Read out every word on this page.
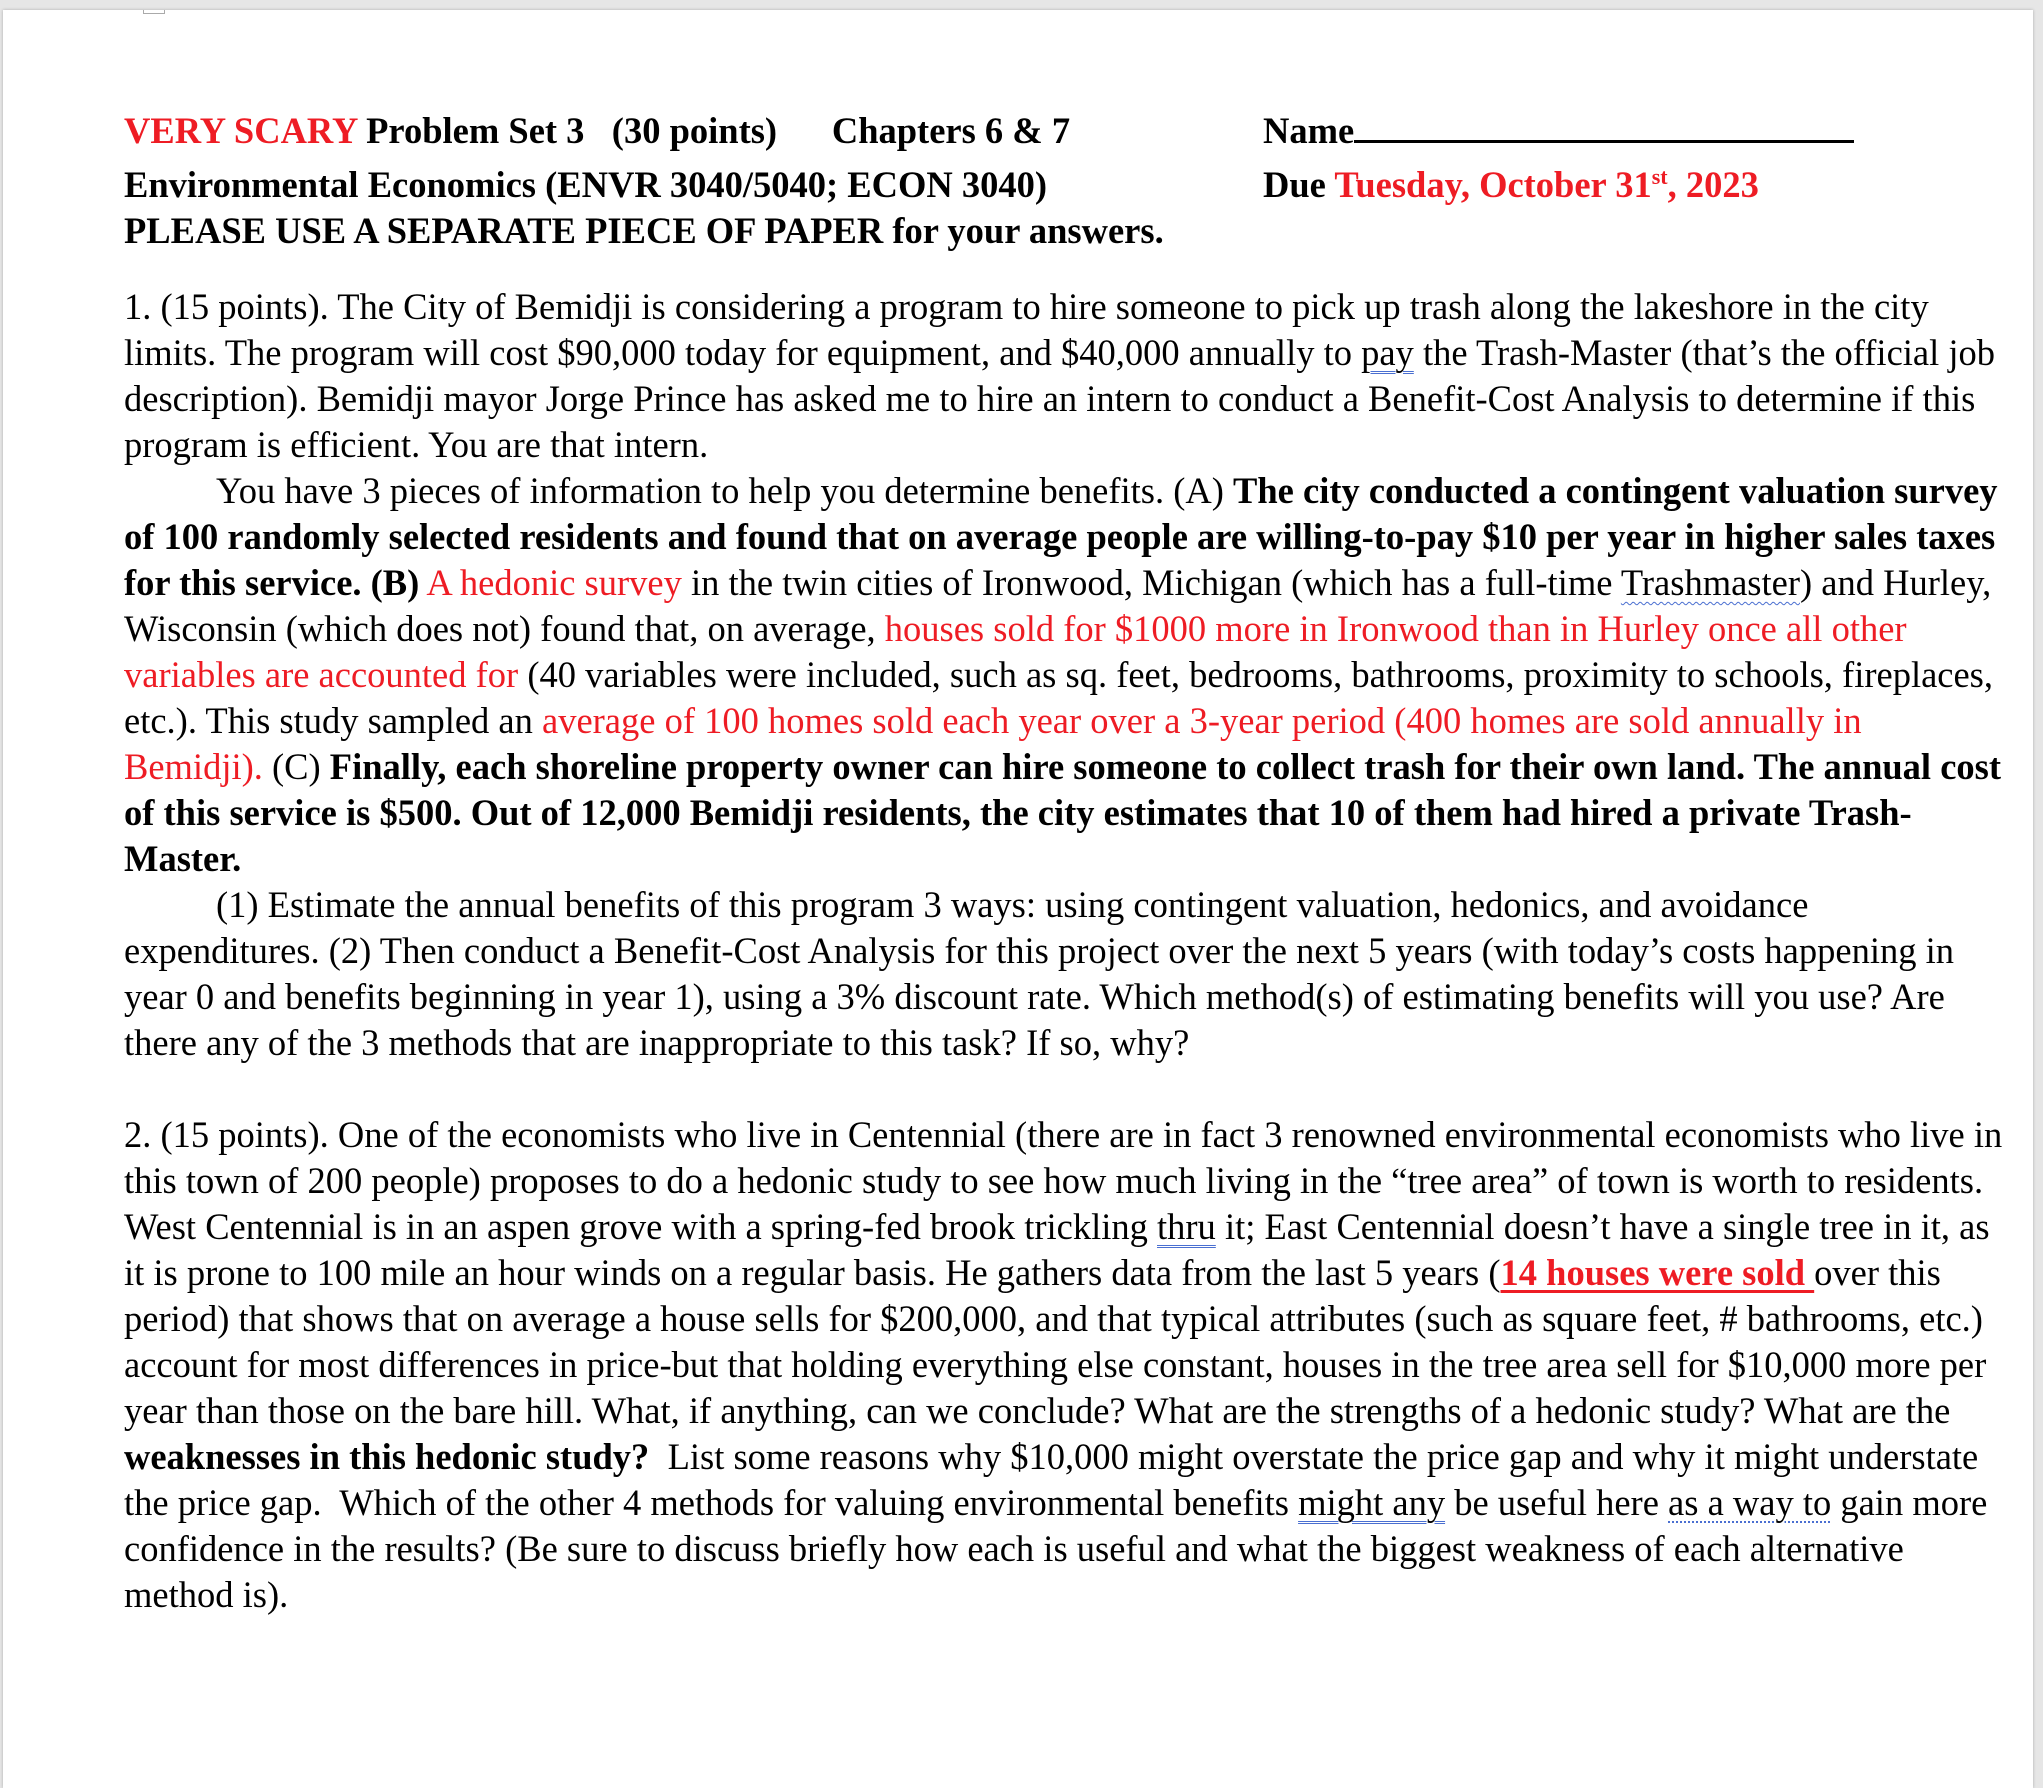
VERY SCARY Problem Set 3   (30 points)      Chapters 6 & 7	Name
Environmental Economics (ENVR 3040/5040; ECON 3040)	Due Tuesday, October 31st, 2023
PLEASE USE A SEPARATE PIECE OF PAPER for your answers.

1. (15 points). The City of Bemidji is considering a program to hire someone to pick up trash along the lakeshore in the city limits. The program will cost $90,000 today for equipment, and $40,000 annually to pay the Trash-Master (that’s the official job description). Bemidji mayor Jorge Prince has asked me to hire an intern to conduct a Benefit-Cost Analysis to determine if this program is efficient. You are that intern.

You have 3 pieces of information to help you determine benefits. (A) The city conducted a contingent valuation survey of 100 randomly selected residents and found that on average people are willing-to-pay $10 per year in higher sales taxes for this service. (B) A hedonic survey in the twin cities of Ironwood, Michigan (which has a full-time Trashmaster) and Hurley, Wisconsin (which does not) found that, on average, houses sold for $1000 more in Ironwood than in Hurley once all other variables are accounted for (40 variables were included, such as sq. feet, bedrooms, bathrooms, proximity to schools, fireplaces, etc.). This study sampled an average of 100 homes sold each year over a 3-year period (400 homes are sold annually in Bemidji). (C) Finally, each shoreline property owner can hire someone to collect trash for their own land. The annual cost of this service is $500. Out of 12,000 Bemidji residents, the city estimates that 10 of them had hired a private Trash-Master.

(1) Estimate the annual benefits of this program 3 ways: using contingent valuation, hedonics, and avoidance expenditures. (2) Then conduct a Benefit-Cost Analysis for this project over the next 5 years (with today’s costs happening in year 0 and benefits beginning in year 1), using a 3% discount rate. Which method(s) of estimating benefits will you use? Are there any of the 3 methods that are inappropriate to this task? If so, why?

2. (15 points). One of the economists who live in Centennial (there are in fact 3 renowned environmental economists who live in this town of 200 people) proposes to do a hedonic study to see how much living in the “tree area” of town is worth to residents. West Centennial is in an aspen grove with a spring-fed brook trickling thru it; East Centennial doesn’t have a single tree in it, as it is prone to 100 mile an hour winds on a regular basis. He gathers data from the last 5 years (14 houses were sold over this period) that shows that on average a house sells for $200,000, and that typical attributes (such as square feet, # bathrooms, etc.) account for most differences in price-but that holding everything else constant, houses in the tree area sell for $10,000 more per year than those on the bare hill. What, if anything, can we conclude? What are the strengths of a hedonic study? What are the weaknesses in this hedonic study?  List some reasons why $10,000 might overstate the price gap and why it might understate the price gap.  Which of the other 4 methods for valuing environmental benefits might any be useful here as a way to gain more confidence in the results? (Be sure to discuss briefly how each is useful and what the biggest weakness of each alternative method is).
